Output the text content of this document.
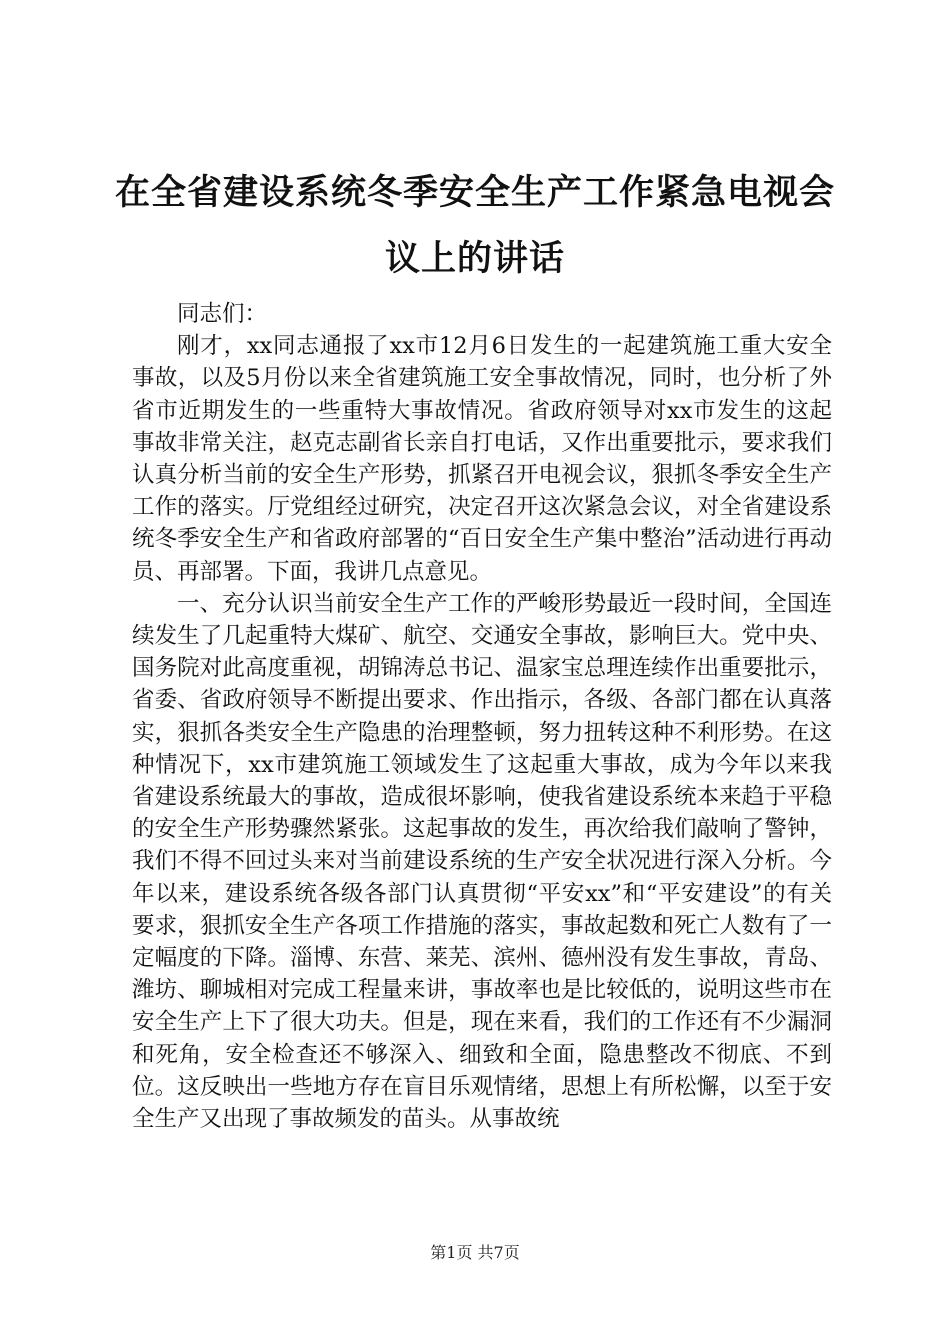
在全省建设系统冬季安全生产工作紧急电视会议上的讲话

同志们：

刚才，xx同志通报了xx市12月6日发生的一起建筑施工重大安全事故，以及5月份以来全省建筑施工安全事故情况，同时，也分析了外省市近期发生的一些重特大事故情况。省政府领导对xx市发生的这起事故非常关注，赵克志副省长亲自打电话，又作出重要批示，要求我们认真分析当前的安全生产形势，抓紧召开电视会议，狠抓冬季安全生产工作的落实。厅党组经过研究，决定召开这次紧急会议，对全省建设系统冬季安全生产和省政府部署的“百日安全生产集中整治”活动进行再动员、再部署。下面，我讲几点意见。

一、充分认识当前安全生产工作的严峻形势最近一段时间，全国连续发生了几起重特大煤矿、航空、交通安全事故，影响巨大。党中央、国务院对此高度重视，胡锦涛总书记、温家宝总理连续作出重要批示，省委、省政府领导不断提出要求、作出指示，各级、各部门都在认真落实，狠抓各类安全生产隐患的治理整顿，努力扭转这种不利形势。在这种情况下，xx市建筑施工领域发生了这起重大事故，成为今年以来我省建设系统最大的事故，造成很坏影响，使我省建设系统本来趋于平稳的安全生产形势骤然紧张。这起事故的发生，再次给我们敲响了警钟，我们不得不回过头来对当前建设系统的生产安全状况进行深入分析。今年以来，建设系统各级各部门认真贯彻“平安xx”和“平安建设”的有关要求，狠抓安全生产各项工作措施的落实，事故起数和死亡人数有了一定幅度的下降。淄博、东营、莱芜、滨州、德州没有发生事故，青岛、潍坊、聊城相对完成工程量来讲，事故率也是比较低的，说明这些市在安全生产上下了很大功夫。但是，现在来看，我们的工作还有不少漏洞和死角，安全检查还不够深入、细致和全面，隐患整改不彻底、不到位。这反映出一些地方存在盲目乐观情绪，思想上有所松懈，以至于安全生产又出现了事故频发的苗头。从事故统

第1页 共7页
